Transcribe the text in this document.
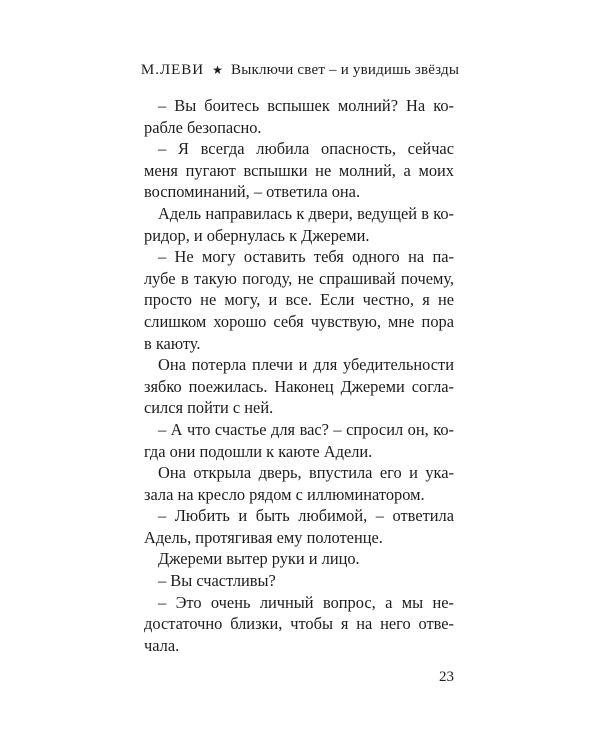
М.ЛЕВИ ★ Выключи свет – и увидишь звёзды
– Вы боитесь вспышек молний? На ко-
рабле безопасно.
– Я всегда любила опасность, сейчас
меня пугают вспышки не молний, а моих
воспоминаний, – ответила она.
Адель направилась к двери, ведущей в ко-
ридор, и обернулась к Джереми.
– Не могу оставить тебя одного на па-
лубе в такую погоду, не спрашивай почему,
просто не могу, и все. Если честно, я не
слишком хорошо себя чувствую, мне пора
в каюту.
Она потерла плечи и для убедительности
зябко поежилась. Наконец Джереми согла-
сился пойти с ней.
– А что счастье для вас? – спросил он, ко-
гда они подошли к каюте Адели.
Она открыла дверь, впустила его и ука-
зала на кресло рядом с иллюминатором.
– Любить и быть любимой, – ответила
Адель, протягивая ему полотенце.
Джереми вытер руки и лицо.
– Вы счастливы?
– Это очень личный вопрос, а мы не-
достаточно близки, чтобы я на него отве-
чала.
23
